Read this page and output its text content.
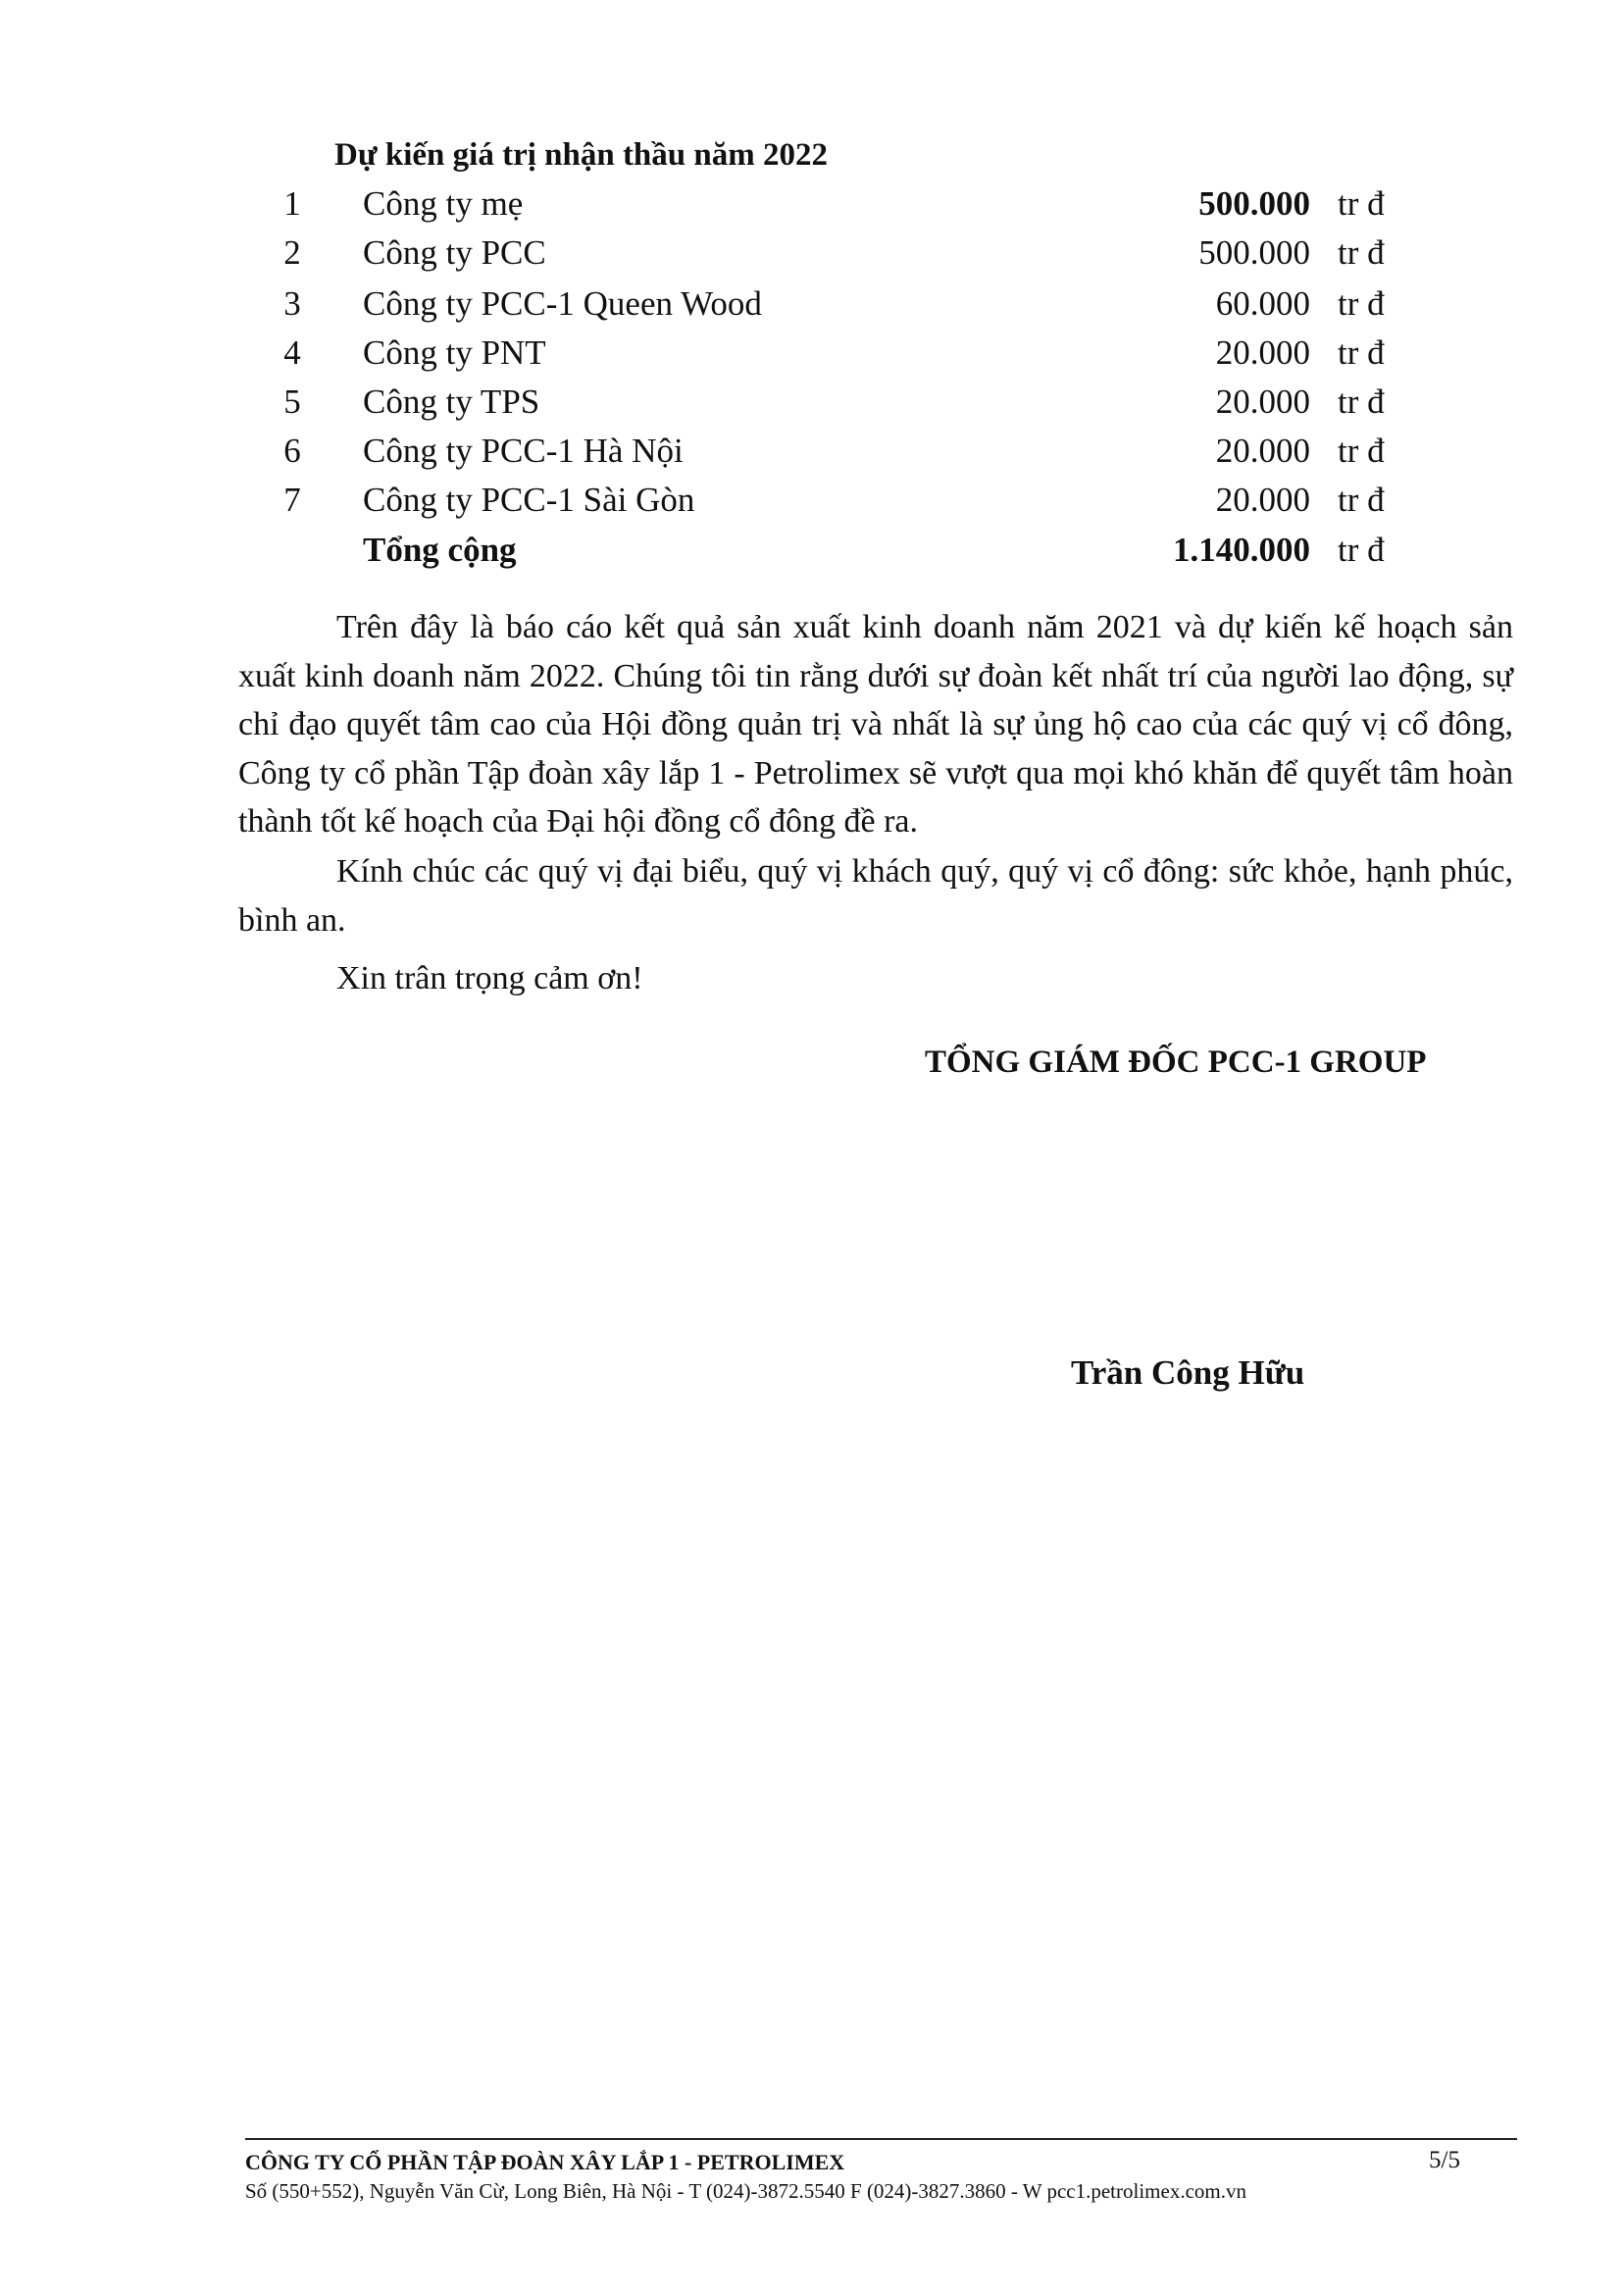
Dự kiến giá trị nhận thầu năm 2022
1	Công ty mẹ	500.000 tr đ
2	Công ty PCC	500.000 tr đ
3	Công ty PCC-1 Queen Wood	60.000 tr đ
4	Công ty PNT	20.000 tr đ
5	Công ty TPS	20.000 tr đ
6	Công ty PCC-1 Hà Nội	20.000 tr đ
7	Công ty PCC-1 Sài Gòn	20.000 tr đ
Tổng cộng	1.140.000 tr đ

Trên đây là báo cáo kết quả sản xuất kinh doanh năm 2021 và dự kiến kế hoạch sản xuất kinh doanh năm 2022. Chúng tôi tin rằng dưới sự đoàn kết nhất trí của người lao động, sự chỉ đạo quyết tâm cao của Hội đồng quản trị và nhất là sự ủng hộ cao của các quý vị cổ đông, Công ty cổ phần Tập đoàn xây lắp 1 - Petrolimex sẽ vượt qua mọi khó khăn để quyết tâm hoàn thành tốt kế hoạch của Đại hội đồng cổ đông đề ra.

Kính chúc các quý vị đại biểu, quý vị khách quý, quý vị cổ đông: sức khỏe, hạnh phúc, bình an.

Xin trân trọng cảm ơn!

TỔNG GIÁM ĐỐC PCC-1 GROUP
Trần Công Hữu
CÔNG TY CỔ PHẦN TẬP ĐOÀN XÂY LẮP 1 - PETROLIMEX	5/5
Số (550+552), Nguyễn Văn Cừ, Long Biên, Hà Nội - T (024)-3872.5540 F (024)-3827.3860 - W pcc1.petrolimex.com.vn
